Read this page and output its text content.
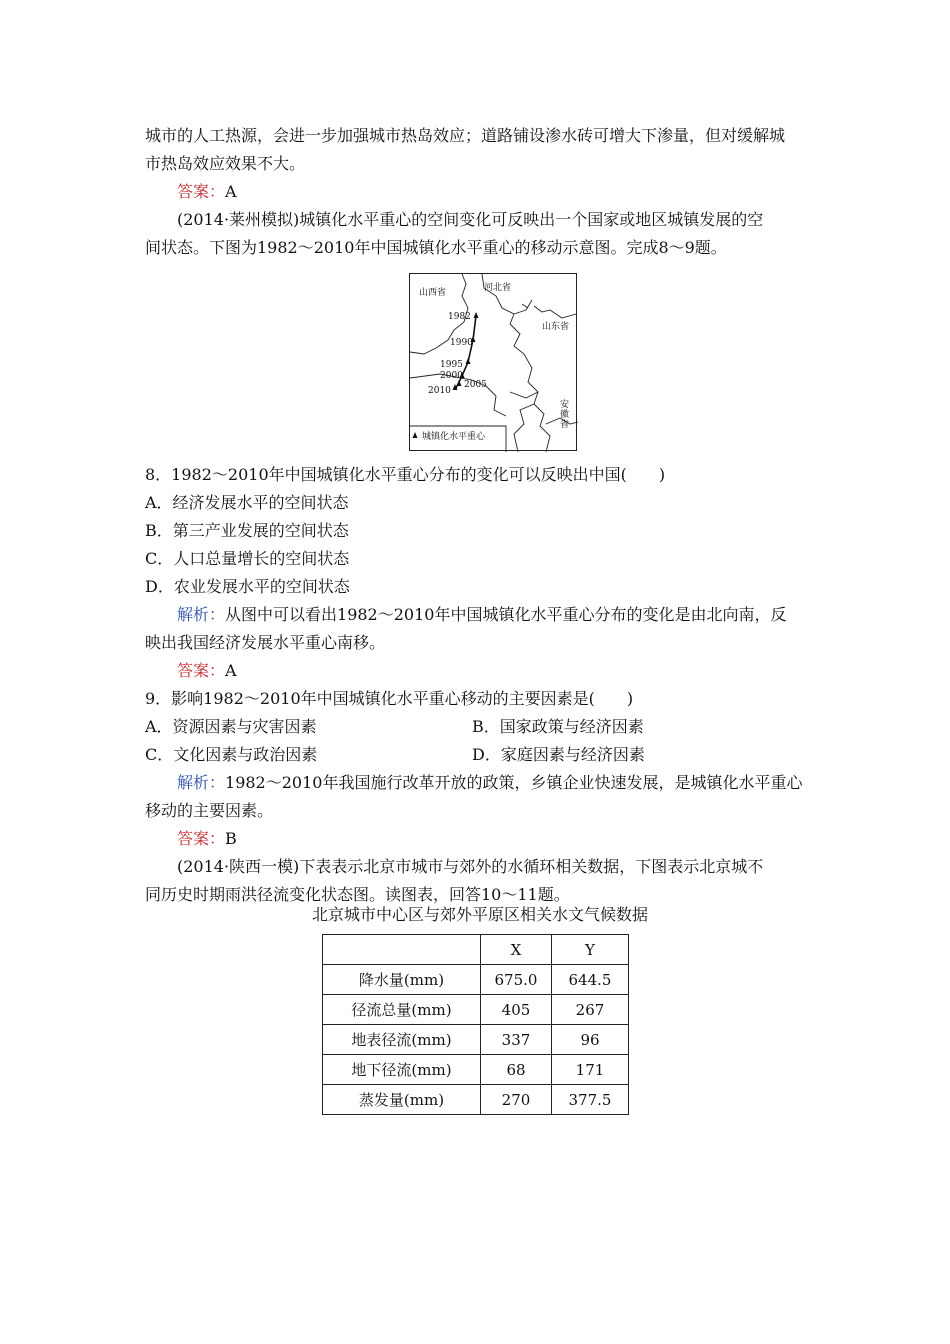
城市的人工热源，会进一步加强城市热岛效应；道路铺设渗水砖可增大下渗量，但对缓解城
市热岛效应效果不大。
答案：A
(2014·莱州模拟)城镇化水平重心的空间变化可反映出一个国家或地区城镇发展的空
间状态。下图为1982～2010年中国城镇化水平重心的移动示意图。完成8～9题。
山西省	河北省
山东省
安徽省
1982
1990
1995
2000
2005
2010
城镇化水平重心
8．1982～2010年中国城镇化水平重心分布的变化可以反映出中国(　　)
A．经济发展水平的空间状态
B．第三产业发展的空间状态
C．人口总量增长的空间状态
D．农业发展水平的空间状态
解析：从图中可以看出1982～2010年中国城镇化水平重心分布的变化是由北向南，反
映出我国经济发展水平重心南移。
答案：A
9．影响1982～2010年中国城镇化水平重心移动的主要因素是(　　)
A．资源因素与灾害因素	B．国家政策与经济因素
C．文化因素与政治因素	D．家庭因素与经济因素
解析：1982～2010年我国施行改革开放的政策，乡镇企业快速发展，是城镇化水平重心
移动的主要因素。
答案：B
(2014·陕西一模)下表表示北京市城市与郊外的水循环相关数据，下图表示北京城不
同历史时期雨洪径流变化状态图。读图表，回答10～11题。
北京城市中心区与郊外平原区相关水文气候数据
	X	Y
降水量(mm)	675.0	644.5
径流总量(mm)	405	267
地表径流(mm)	337	96
地下径流(mm)	68	171
蒸发量(mm)	270	377.5
